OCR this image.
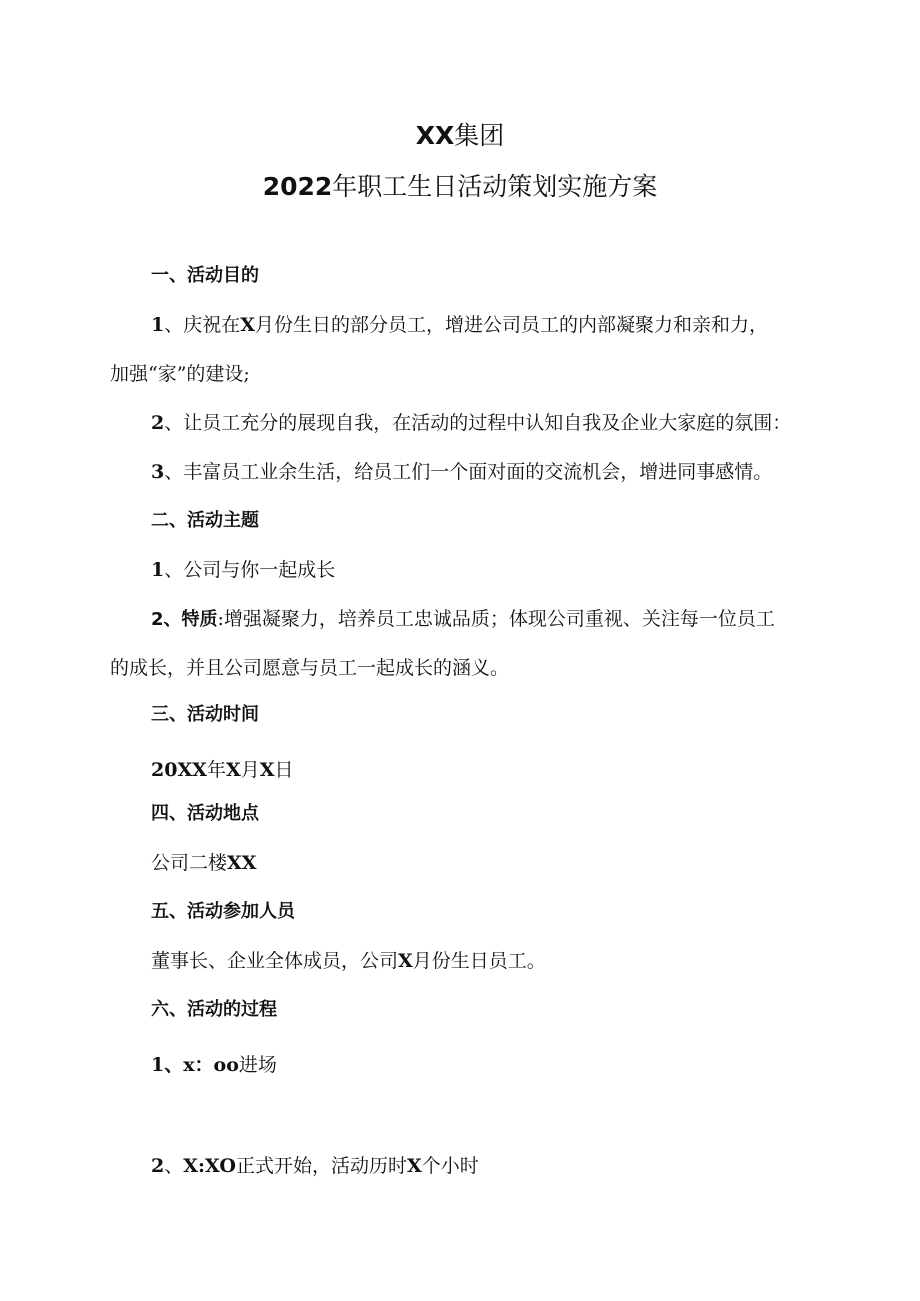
XX集团
2022年职工生日活动策划实施方案
一、活动目的
1、庆祝在X月份生日的部分员工，增进公司员工的内部凝聚力和亲和力，
加强“家”的建设;
2、让员工充分的展现自我，在活动的过程中认知自我及企业大家庭的氛围：
3、丰富员工业余生活，给员工们一个面对面的交流机会，增进同事感情。
二、活动主题
1、公司与你一起成长
2、特质:增强凝聚力，培养员工忠诚品质；体现公司重视、关注每一位员工
的成长，并且公司愿意与员工一起成长的涵义。
三、活动时间
20XX年X月X日
四、活动地点
公司二楼XX
五、活动参加人员
董事长、企业全体成员，公司X月份生日员工。
六、活动的过程
1、x：oo进场
2、X:XO正式开始，活动历时X个小时
